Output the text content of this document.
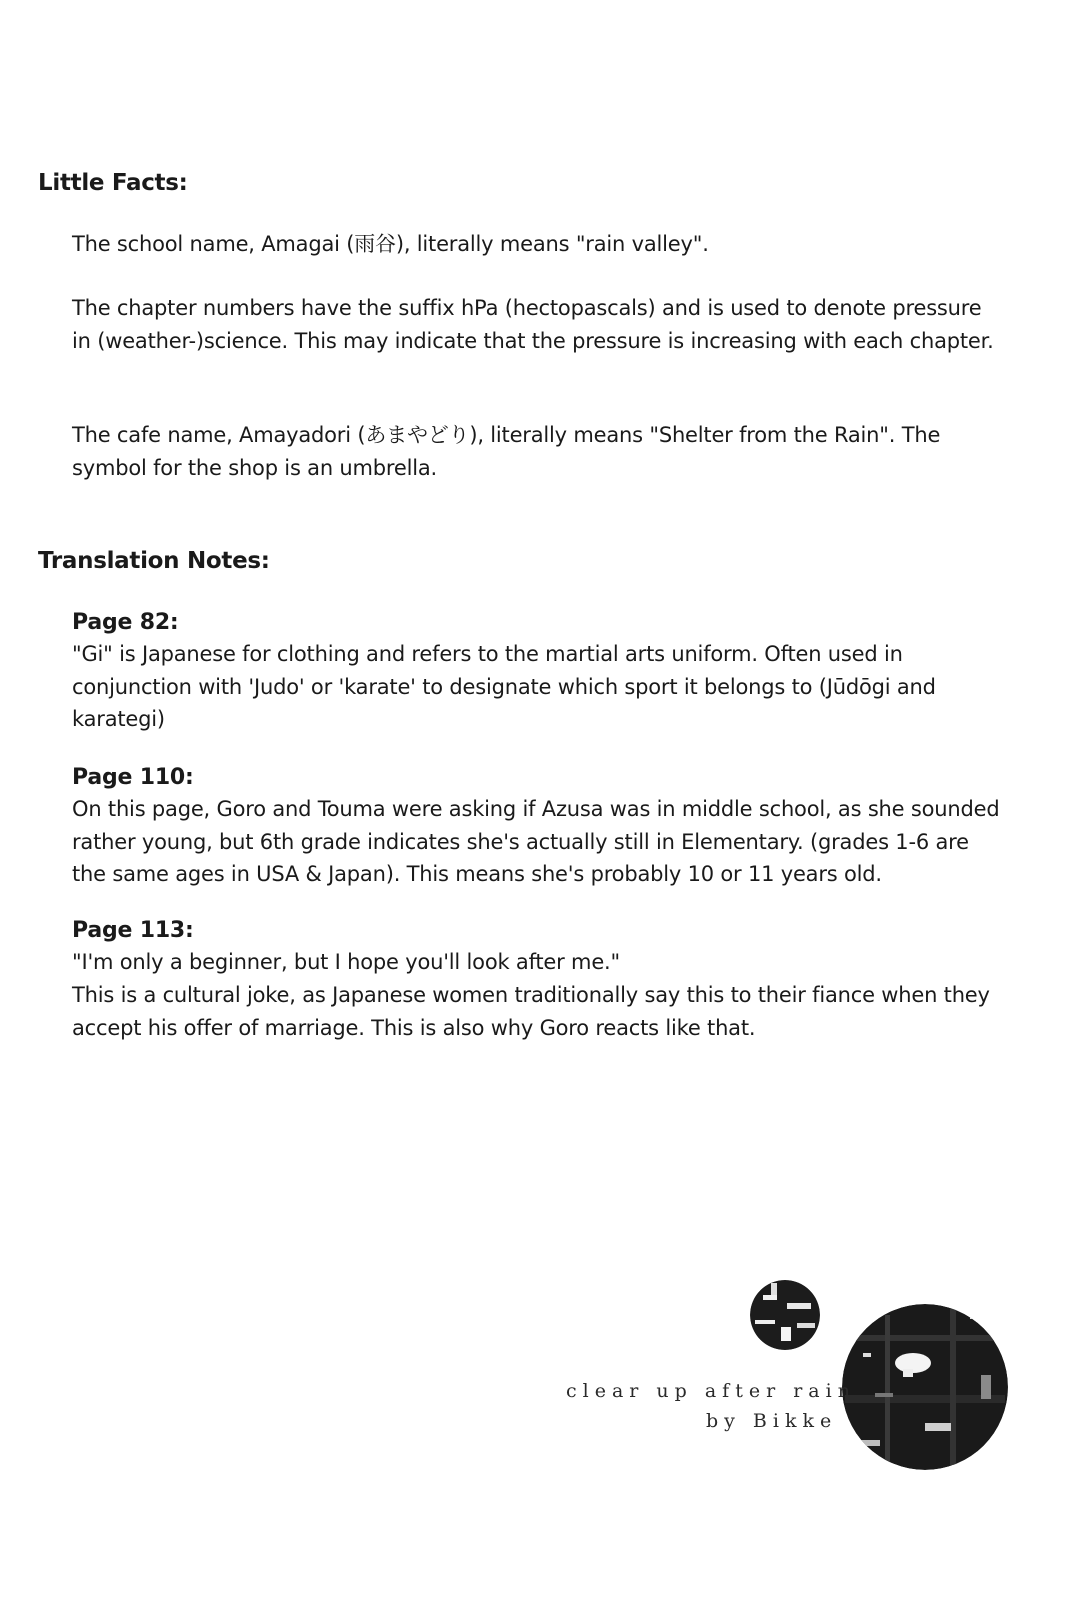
Little Facts:

The school name, Amagai (雨谷), literally means "rain valley".

The chapter numbers have the suffix hPa (hectopascals) and is used to denote pressure in (weather-)science. This may indicate that the pressure is increasing with each chapter.

The cafe name, Amayadori (あまやどり), literally means "Shelter from the Rain". The symbol for the shop is an umbrella.

Translation Notes:
Page 82:

"Gi" is Japanese for clothing and refers to the martial arts uniform. Often used in conjunction with 'Judo' or 'karate' to designate which sport it belongs to (Jūdōgi and karategi)

Page 110:

On this page, Goro and Touma were asking if Azusa was in middle school, as she sounded rather young, but 6th grade indicates she's actually still in Elementary. (grades 1-6 are the same ages in USA & Japan). This means she's probably 10 or 11 years old.

Page 113:

"I'm only a beginner, but I hope you'll look after me."

This is a cultural joke, as Japanese women traditionally say this to their fiance when they accept his offer of marriage. This is also why Goro reacts like that.

clear up after rain

by Bikke
